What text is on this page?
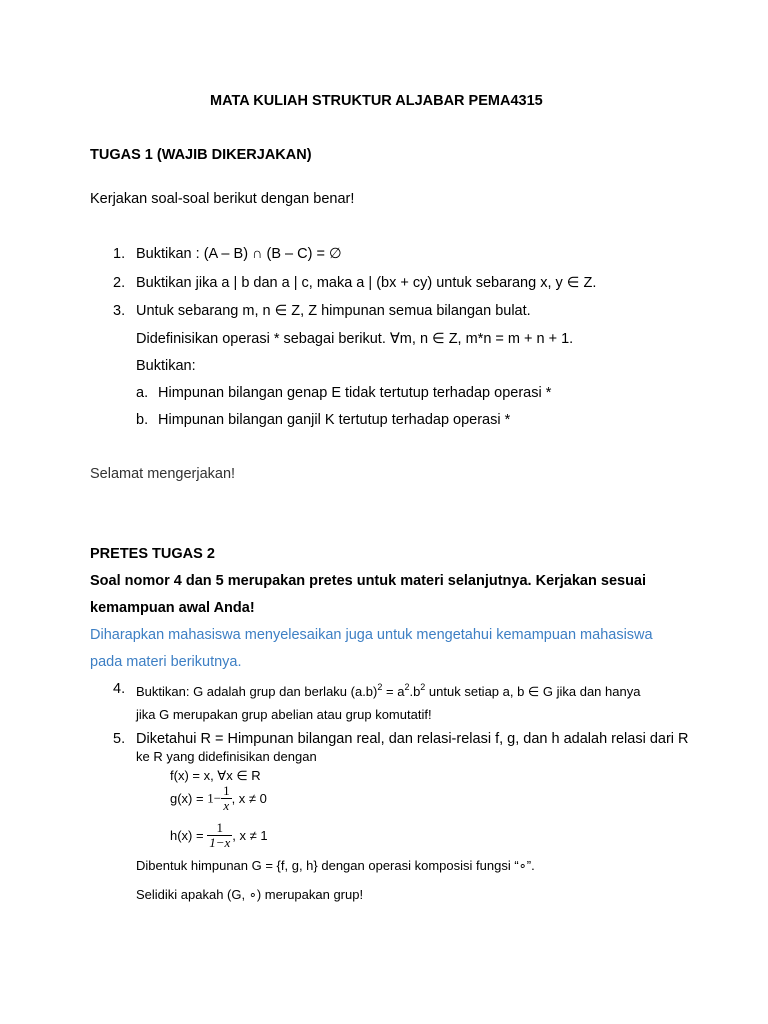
MATA KULIAH STRUKTUR ALJABAR PEMA4315
TUGAS 1 (WAJIB DIKERJAKAN)
Kerjakan soal-soal berikut dengan benar!
1. Buktikan : (A – B) ∩ (B – C) = ∅
2. Buktikan jika a | b dan a | c, maka a | (bx + cy) untuk sebarang x, y ∈ Z.
3. Untuk sebarang m, n ∈ Z, Z himpunan semua bilangan bulat.
Didefinisikan operasi * sebagai berikut. ∀m, n ∈ Z, m*n = m + n + 1.
Buktikan:
a. Himpunan bilangan genap E tidak tertutup terhadap operasi *
b. Himpunan bilangan ganjil K tertutup terhadap operasi *
Selamat mengerjakan!
PRETES TUGAS 2
Soal nomor 4 dan 5 merupakan pretes untuk materi selanjutnya. Kerjakan sesuai
kemampuan awal Anda!
Diharapkan mahasiswa menyelesaikan juga untuk mengetahui kemampuan mahasiswa
pada materi berikutnya.
4. Buktikan: G adalah grup dan berlaku $(a.b)^2 = a^2.b^2$ untuk setiap a, b ∈ G jika dan hanya
jika G merupakan grup abelian atau grup komutatif!
5. Diketahui R = Himpunan bilangan real, dan relasi-relasi f, g, dan h adalah relasi dari R
ke R yang didefinisikan dengan
f(x) = x, ∀x ∈ R
$g(x) = 1- \frac{1}{x}$ , x ≠ 0
$h(x) = \frac{1}{1-x}$ , x ≠ 1
Dibentuk himpunan G = {f, g, h} dengan operasi komposisi fungsi “∘”.
Selidiki apakah (G, ∘) merupakan grup!
